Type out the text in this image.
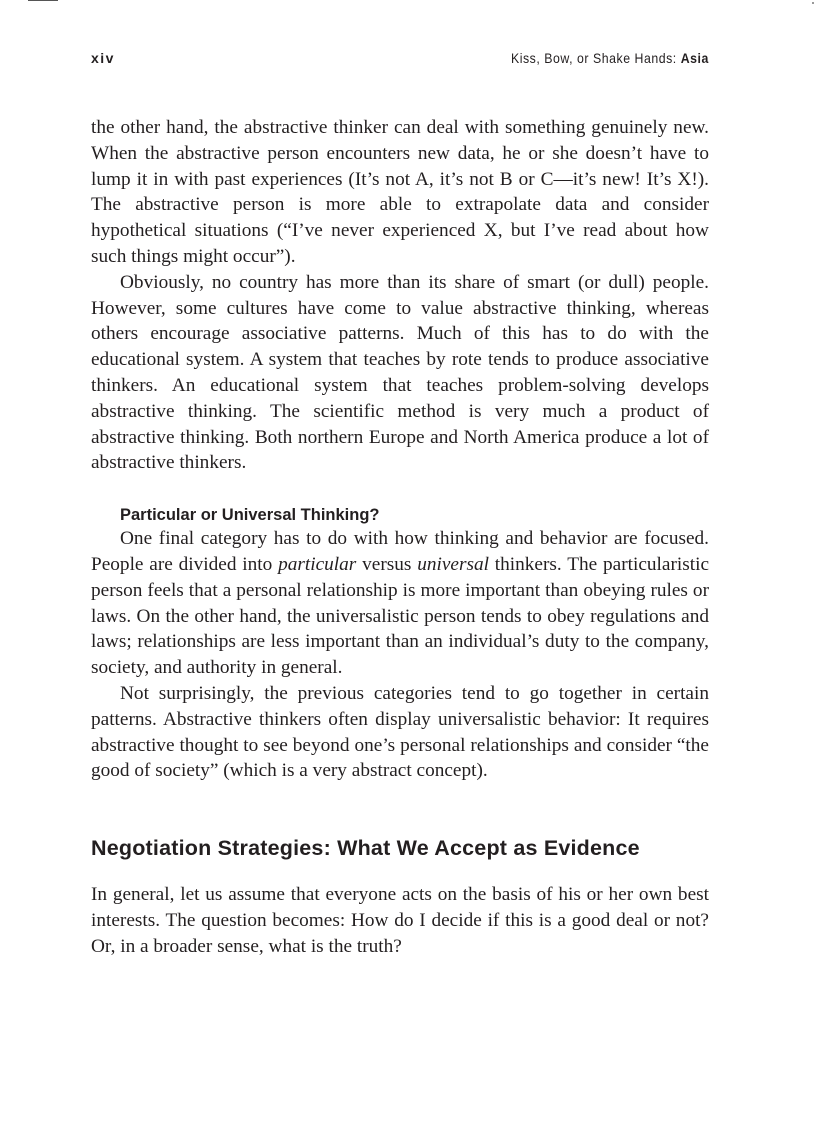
xiv	Kiss, Bow, or Shake Hands: Asia

the other hand, the abstractive thinker can deal with something genuinely new. When the abstractive person encounters new data, he or she doesn’t have to lump it in with past experiences (It’s not A, it’s not B or C—it’s new! It’s X!). The abstractive person is more able to extrapolate data and consider hypothetical situations (“I’ve never experienced X, but I’ve read about how such things might occur”).

Obviously, no country has more than its share of smart (or dull) people. However, some cultures have come to value abstractive thinking, whereas others encourage associative patterns. Much of this has to do with the educational system. A system that teaches by rote tends to produce associative thinkers. An educational system that teaches problem-solving develops abstractive thinking. The scientific method is very much a product of abstractive thinking. Both northern Europe and North America produce a lot of abstractive thinkers.

Particular or Universal Thinking?

One final category has to do with how thinking and behavior are focused. People are divided into particular versus universal thinkers. The particularistic person feels that a personal relationship is more important than obeying rules or laws. On the other hand, the universalistic person tends to obey regulations and laws; relationships are less important than an individual’s duty to the company, society, and authority in general.

Not surprisingly, the previous categories tend to go together in certain patterns. Abstractive thinkers often display universalistic behavior: It requires abstractive thought to see beyond one’s personal relationships and consider “the good of society” (which is a very abstract concept).

Negotiation Strategies: What We Accept as Evidence

In general, let us assume that everyone acts on the basis of his or her own best interests. The question becomes: How do I decide if this is a good deal or not? Or, in a broader sense, what is the truth?
